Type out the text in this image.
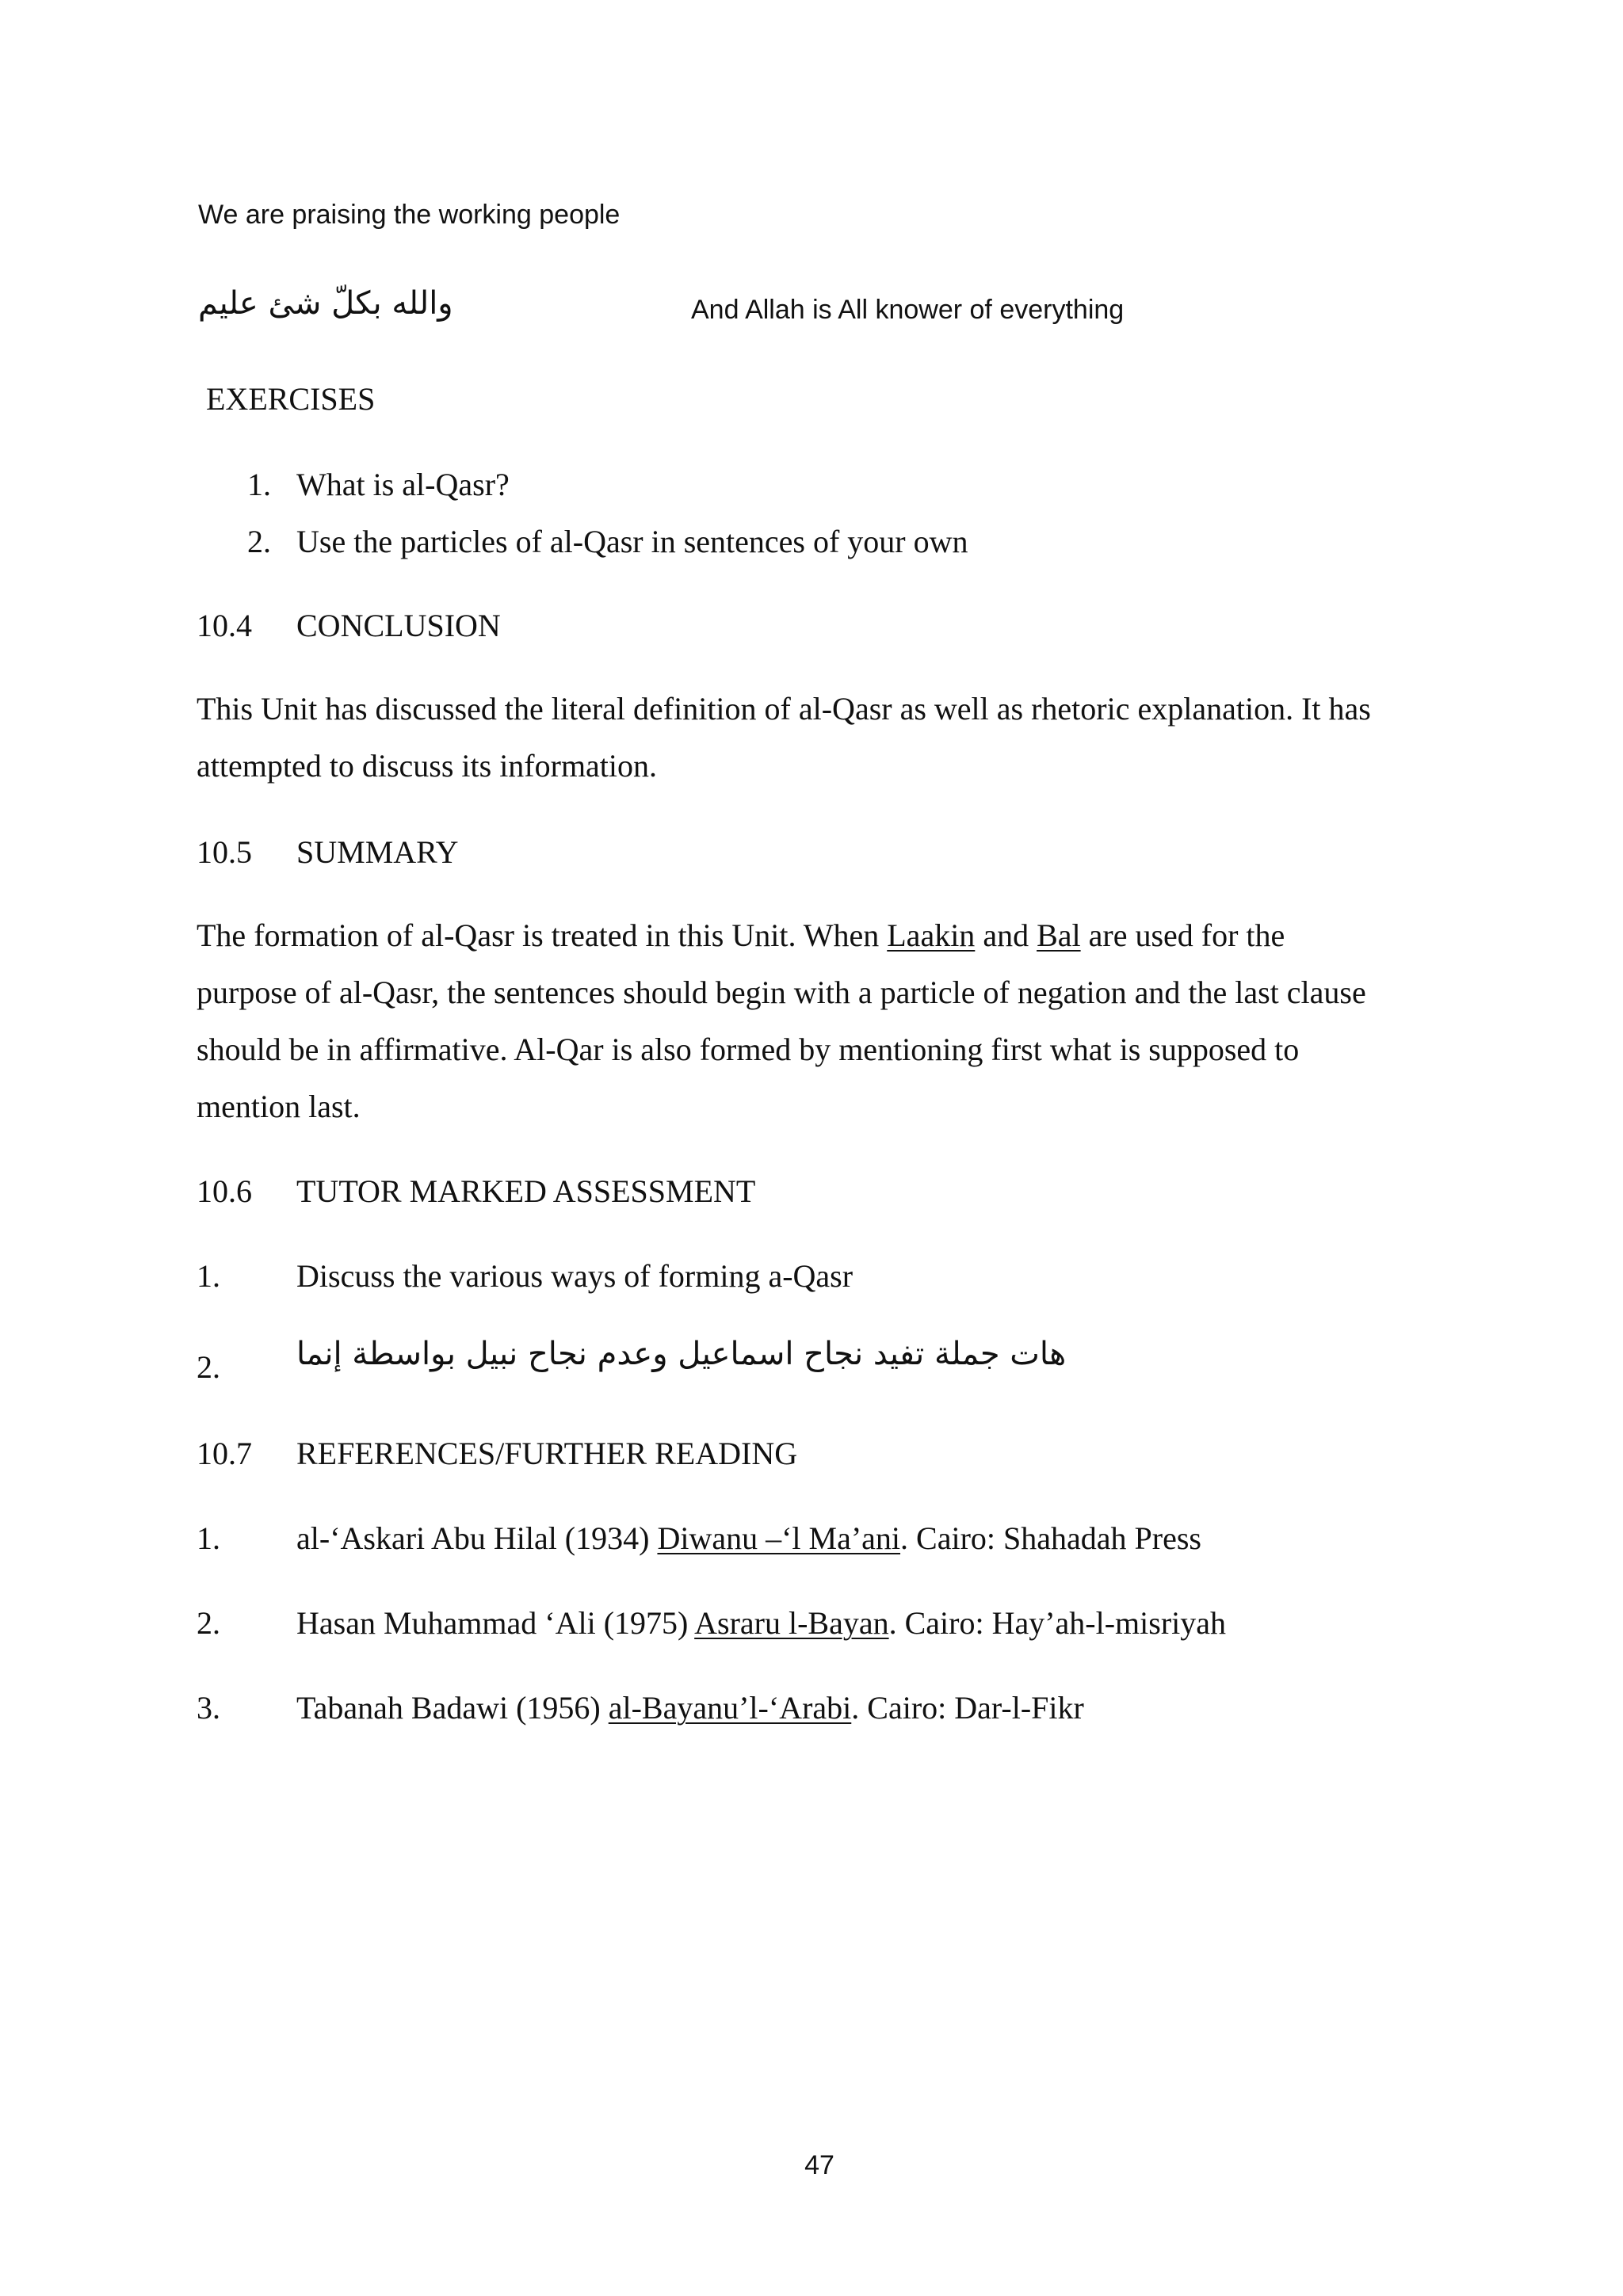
We are praising the working people
والله بكلّ شئ عليم	And Allah is All knower of everything
EXERCISES
1. What is al-Qasr?
2. Use the particles of al-Qasr in sentences of your own
10.4 CONCLUSION
This Unit has discussed the literal definition of al-Qasr as well as rhetoric explanation. It has
attempted to discuss its information.
10.5 SUMMARY
The formation of al-Qasr is treated in this Unit. When Laakin and Bal are used for the
purpose of al-Qasr, the sentences should begin with a particle of negation and the last clause
should be in affirmative. Al-Qar is also formed by mentioning first what is supposed to
mention last.
10.6 TUTOR MARKED ASSESSMENT
1. Discuss the various ways of forming a-Qasr
2. هات جملة تفيد نجاح اسماعيل وعدم نجاح نبيل بواسطة إنما
10.7 REFERENCES/FURTHER READING
1. al-‘Askari Abu Hilal (1934) Diwanu –‘l Ma’ani. Cairo: Shahadah Press
2. Hasan Muhammad ‘Ali (1975) Asraru l-Bayan. Cairo: Hay’ah-l-misriyah
3. Tabanah Badawi (1956) al-Bayanu’l-‘Arabi. Cairo: Dar-l-Fikr
47
